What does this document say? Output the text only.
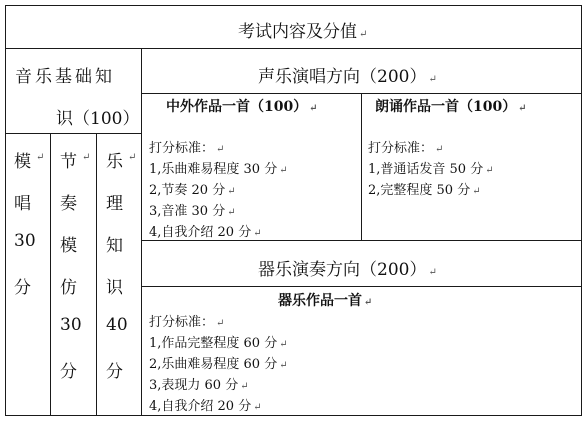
考试内容及分值 ↵
音乐基础知
识（100）
模 ↵
唱
30
分
节 ↵
奏
模
仿
30
分
乐 ↵
理
知
识
40
分
声乐演唱方向（200） ↵
中外作品一首（100） ↵
打分标准： ↵
1,乐曲难易程度 30 分 ↵
2,节奏 20 分 ↵
3,音准 30 分 ↵
4,自我介绍 20 分 ↵
朗诵作品一首（100） ↵
打分标准： ↵
1,普通话发音 50 分 ↵
2,完整程度 50 分 ↵
器乐演奏方向（200） ↵
器乐作品一首 ↵
打分标准： ↵
1,作品完整程度 60 分 ↵
2,乐曲难易程度 60 分 ↵
3,表现力 60 分 ↵
4,自我介绍 20 分 ↵
